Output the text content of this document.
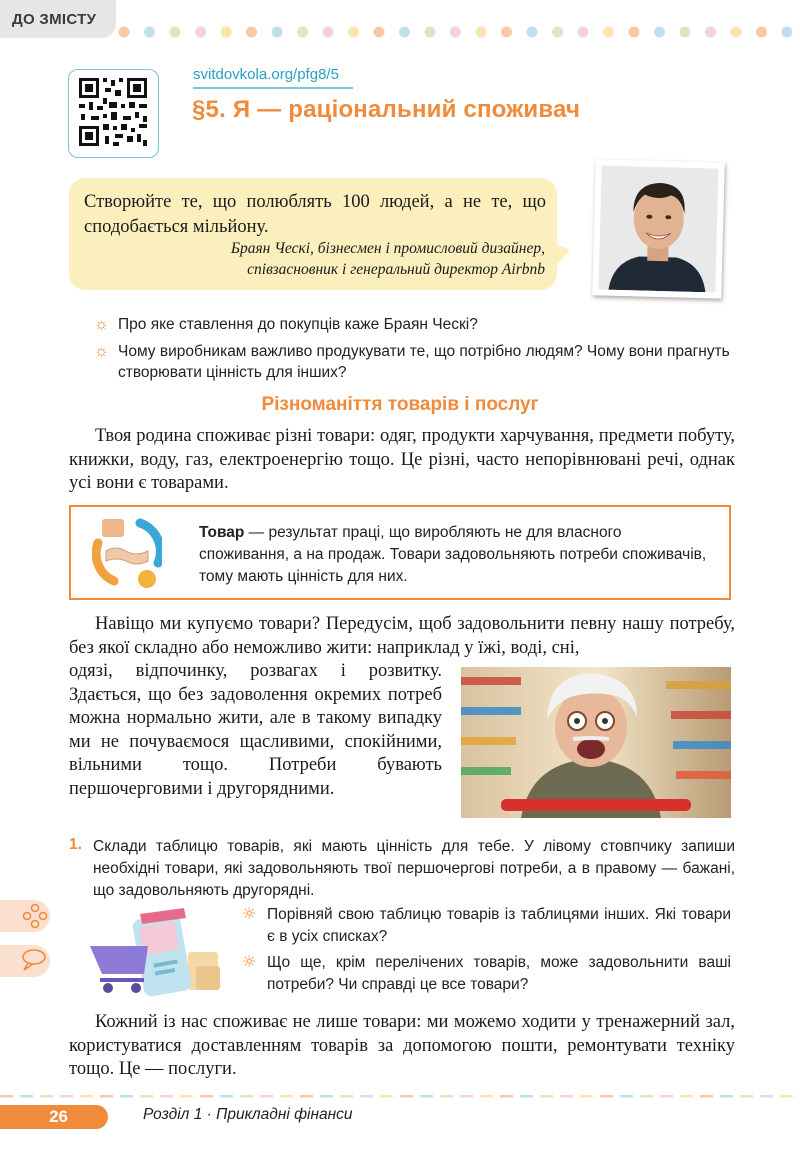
ДО ЗМІСТУ
svitdovkola.org/pfg8/5
§5. Я — раціональний споживач
Створюйте те, що полюблять 100 людей, а не те, що сподобається мільйону.
Браян Ческі, бізнесмен і промисловий дизайнер,
співзасновник і генеральний директор Airbnb
☼ Про яке ставлення до покупців каже Браян Ческі?
☼ Чому виробникам важливо продукувати те, що потрібно людям? Чому вони прагнуть створювати цінність для інших?
Різноманіття товарів і послуг
Твоя родина споживає різні товари: одяг, продукти харчування, предмети побуту, книжки, воду, газ, електроенергію тощо. Це різні, часто непорівнювані речі, однак усі вони є товарами.
Товар — результат праці, що виробляють не для власного споживання, а на продаж. Товари задовольняють потреби споживачів, тому мають цінність для них.
Навіщо ми купуємо товари? Передусім, щоб задовольнити певну нашу потребу, без якої складно або неможливо жити: наприклад у їжі, воді, сні,
одязі, відпочинку, розвагах і розвитку. Здається, що без задоволення окремих потреб можна нормально жити, але в такому випадку ми не почуваємося щасливими, спокійними, вільними тощо. Потреби бувають першочерговими і другорядними.
1. Склади таблицю товарів, які мають цінність для тебе. У лівому стовпчику запиши необхідні товари, які задовольняють твої першочергові потреби, а в правому — бажані, що задовольняють другорядні.
☼ Порівняй свою таблицю товарів із таблицями інших. Які товари є в усіх списках?
☼ Що ще, крім перелічених товарів, може задовольнити ваші потреби? Чи справді це все товари?
Кожний із нас споживає не лише товари: ми можемо ходити у тренажерний зал, користуватися доставленням товарів за допомогою пошти, ремонтувати техніку тощо. Це — послуги.
26	Розділ 1 · Прикладні фінанси
